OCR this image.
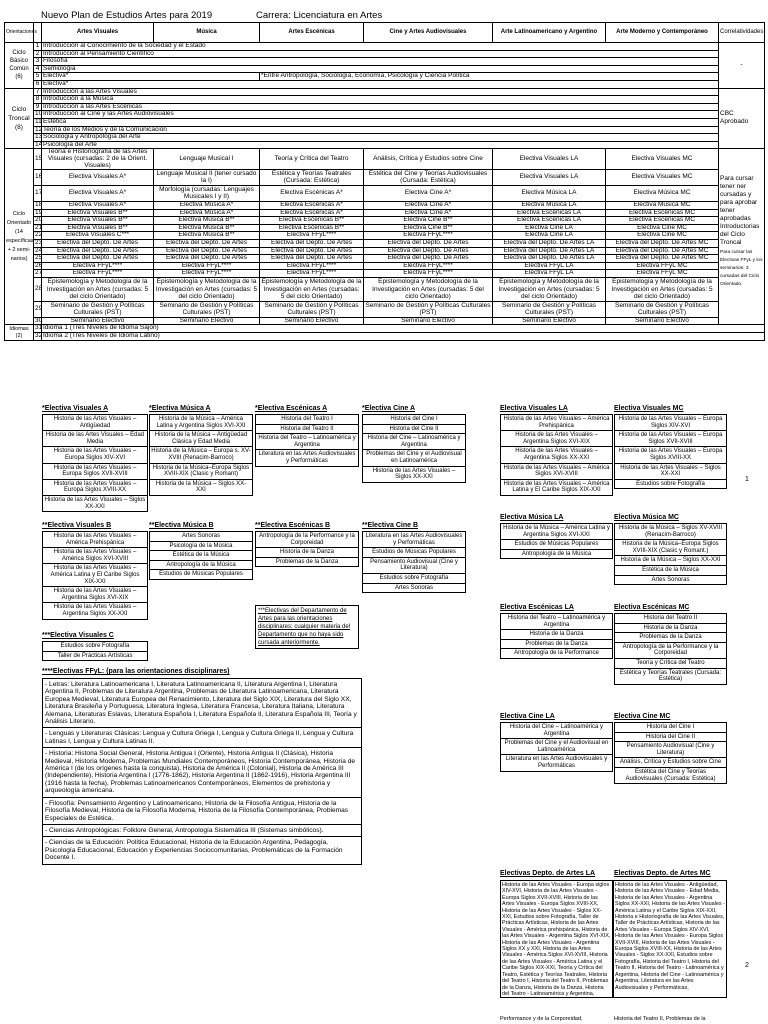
Nuevo Plan de Estudios Artes para 2019	Carrera: Licenciatura en Artes
Orientaciones		Artes Visuales	Música	Artes Escénicas	Cine y Artes Audiovisuales	Arte Latinoamericano y Argentino	Arte Moderno y Contemporáneo	Correlatividades
Ciclo Básico Común (6)	1	Introducción al Conocimiento de la Sociedad y el Estado						-
	2	Introducción al Pensamiento Científico						
	3	Filosofía						
	4	Semiología						
	5	Electiva*		*Entre Antropología, Sociología, Economía, Psicología y Ciencia Política				
	6	Electiva*						
Ciclo Troncal (8)	7	Introducción a las Artes Visuales						CBC Aprobado
	8	Introducción a la Música						
	9	Introducción a las Artes Escénicas						
	10	Introducción al Cine y las Artes Audiovisuales						
	11	Estética						
	12	Teoría de los Medios y de la Comunicación						
	13	Sociología y Antropología del Arte						
	14	Psicología del Arte						
Ciclo Orientado (14 específicas + 2 semi-narios)	15	Teoría e Historiografía de las Artes Visuales (cursadas: 2 de la Orient. Visuales)	Lenguaje Musical I	Teoría y Crítica del Teatro	Análisis, Crítica y Estudios sobre Cine	Electiva Visuales LA	Electiva Visuales MC	Para cursar tener ner cursadas y para aprobar tener aprobadas Introductorias del Ciclo Troncal
Para cursar las Electivas FFyL y los seminarios: 3 cursadas del Ciclo Orientado.

	16	Electiva Visuales A*	Lenguaje Musical II (tener cursado la I)	Estética y Teorías Teatrales (Cursada: Estética)	Estética del Cine y Teorías Audiovisuales (Cursada: Estética)	Electiva Visuales LA	Electiva Visuales MC	
	17	Electiva Visuales A*	Morfología (cursadas: Lenguajes Musicales I y II)	Electiva Escénicas A*	Electiva Cine A*	Electiva Música LA	Electiva Música MC	
	18	Electiva Visuales A*	Electiva Música A*	Electiva Escénicas A*	Electiva Cine A*	Electiva Música LA	Electiva Música MC	
	19	Electiva Visuales B**	Electiva Música A*	Electiva Escénicas A*	Electiva Cine A*	Electiva Escénicas LA	Electiva Escénicas MC	
	20	Electiva Visuales B**	Electiva Música B**	Electiva Escénicas B**	Electiva Cine B**	Electiva Escénicas LA	Electiva Escénicas MC	
	21	Electiva Visuales B**	Electiva Música B**	Electiva Escénicas B**	Electiva Cine B**	Electiva Cine LA	Electiva Cine MC	
	22	Electiva Visuales C***	Electiva Música B**	Electiva FFyL****	Electiva FFyL****	Electiva Cine LA	Electiva Cine MC	
	23	Electiva del Depto. De Artes	Electiva del Depto. De Artes	Electiva del Depto. De Artes	Electiva del Depto. De Artes	Electiva del Depto. De Artes LA	Electiva del Depto. De Artes MC	
	24	Electiva del Depto. De Artes	Electiva del Depto. De Artes	Electiva del Depto. De Artes	Electiva del Depto. De Artes	Electiva del Depto. De Artes LA	Electiva del Depto. De Artes MC	
	25	Electiva del Depto. De Artes	Electiva del Depto. De Artes	Electiva del Depto. De Artes	Electiva del Depto. De Artes	Electiva del Depto. De Artes LA	Electiva del Depto. De Artes MC	
	26	Electiva FFyL****	Electiva FFyL****	Electiva FFyL****	Electiva FFyL****	Electiva FFyL LA	Electiva FFyL MC	
	27	Electiva FFyL****	Electiva FFyL****	Electiva FFyL****	Electiva FFyL****	Electiva FFyL LA	Electiva FFyL MC	
	28	Epistemología y Metodología de la Investigación en Artes (cursadas: 5 del ciclo Orientado)	Epistemología y Metodología de la Investigación en Artes (cursadas: 5 del ciclo Orientado)	Epistemología y Metodología de la Investigación en Artes (cursadas: 5 del ciclo Orientado)	Epistemología y Metodología de la Investigación en Artes (cursadas: 5 del ciclo Orientado)	Epistemología y Metodología de la Investigación en Artes (cursadas: 5 del ciclo Orientado)	Epistemología y Metodología de la Investigación en Artes (cursadas: 5 del ciclo Orientado)	
	29	Seminario de Gestión y Políticas Culturales (PST)	Seminario de Gestión y Políticas Culturales (PST)	Seminario de Gestión y Políticas Culturales (PST)	Seminario de Gestión y Políticas Culturales (PST)	Seminario de Gestión y Políticas Culturales (PST)	Seminario de Gestión y Políticas Culturales (PST)	
	30	Seminario Electivo	Seminario Electivo	Seminario Electivo	Seminario Electivo	Seminario Electivo	Seminario Electivo	
Idiomas (2)	31	Idioma 1 (Tres Niveles de Idioma Sajón)						
	32	Idioma 2 (Tres Niveles de Idioma Latino)						
*Electiva Visuales A
Historia de las Artes Visuales – Antigüedad
Historia de las Artes Visuales – Edad Media
Historia de las Artes Visuales – Europa Siglos XIV-XVI
Historia de las Artes Visuales – Europa Siglos XVII-XVIII
Historia de las Artes Visuales – Europa Siglos XVIII-XX
Historia de las Artes Visuales – Siglos XX-XXI
*Electiva Música A
Historia de la Música – América Latina y Argentina Siglos XVI-XXI
Historia de la Música – Antigüedad Clásica y Edad Media
Historia de la Música – Europa s. XV-XVIII (Renacim-Barroco)
Historia de la Música–Europa Siglos XVIII-XIX (Clasic y Romant)
Historia de la Música – Siglos XX-XXI
*Electiva Escénicas A
Historia del Teatro I
Historia del Teatro II
Historia del Teatro – Latinoamérica y Argentina
Literatura en las Artes Audiovisuales y Performáticas
*Electiva Cine A
Historia del Cine I
Historia del Cine II
Historia del Cine – Latinoamérica y Argentina
Problemas del Cine y el Audiovisual en Latinoamérica
Historia de las Artes Visuales – Siglos XX-XXI
Electiva Visuales LA
Historia de las Artes Visuales – América Prehispánica
Historia de las Artes Visuales – Argentina Siglos XVI-XIX
Historia de las Artes Visuales – Argentina Siglos XX-XXI
Historia de las Artes Visuales – América Siglos XVI-XVIII
Historia de las Artes Visuales – América Latina y El Caribe Siglos XIX-XXI
Electiva Visuales MC
Historia de las Artes Visuales – Europa Siglos XIV-XVI
Historia de las Artes Visuales – Europa Siglos XVII-XVIII
Historia de las Artes Visuales – Europa Siglos XVIII-XX
Historia de las Artes Visuales – Siglos XX-XXI
Estudios sobre Fotografía
1
**Electiva Visuales B
Historia de las Artes Visuales – América Prehispánica
Historia de las Artes Visuales – América Siglos XVI-XVIII
Historia de las Artes Visuales – América Latina y El Caribe Siglos XIX-XXI
Historia de las Artes Visuales – Argentina Siglos XVI-XIX
Historia de las Artes Visuales – Argentina Siglos XX-XXI
**Electiva Música B
Artes Sonoras
Psicología de la Música
Estética de la Música
Antropología de la Música
Estudios de Músicas Populares
**Electiva Escénicas B
Antropología de la Performance y la Corporeidad
Historia de la Danza
Problemas de la Danza
**Electiva Cine B
Literatura en las Artes Audiovisuales y Performáticas
Estudios de Músicas Populares
Pensamiento Audiovisual (Cine y Literatura)
Estudios sobre Fotografía
Artes Sonoras
Electiva Música LA
Historia de la Música – América Latina y Argentina Siglos XVI-XXI
Estudios de Músicas Populares
Antropología de la Música
Electiva Música MC
Historia de la Música – Siglos XV-XVIII (Renacim-Barroco)
Historia de la Música–Europa Siglos XVIII-XIX (Clasic y Romant.)
Historia de la Música – Siglos XX-XXI
Estética de la Música
Artes Sonoras
***Electiva Visuales C
Estudios sobre Fotografía
Taller de Prácticas Artísticas
Electiva Escénicas LA
Historia del Teatro – Latinoamérica y Argentina
Historia de la Danza
Problemas de la Danza
Antropología de la Performance
Electiva Escénicas MC
Historia del Teatro II
Historia de la Danza
Problemas de la Danza
Antropología de la Performance y la Corporeidad
Teoría y Crítica del Teatro
Estética y Teorías Teatrales (Cursada: Estética)
***Electivas del Departamento de Artes para las orientaciones disciplinares: cualquier materia del Departamento que no haya sido cursada anteriormente.
****Electivas FFyL: (para las orientaciones disciplinares)
- Letras: Literatura Latinoamericana I, Literatura Latinoamericana II, Literatura Argentina I, Literatura Argentina II, Problemas de Literatura Argentina, Problemas de Literatura Latinoamericana, Literatura Europea Medieval, Literatura Europea del Renacimiento, Literatura del Siglo XIX, Literatura del Siglo XX, Literatura Brasileña y Portuguesa, Literatura Inglesa, Literatura Francesa, Literatura Italiana, Literatura Alemana, Literaturas Eslavas, Literatura Española I, Literatura Española II, Literatura Española III, Teoría y Análisis Literario.
- Lenguas y Literaturas Clásicas: Lengua y Cultura Griega I, Lengua y Cultura Griega II, Lengua y Cultura Latinas I, Lengua y Cultura Latinas II.
- Historia: Historia Social General, Historia Antigua I (Oriente), Historia Antigua II (Clásica), Historia Medieval, Historia Moderna, Problemas Mundiales Contemporáneos, Historia Contemporánea, Historia de América I (de los orígenes hasta la conquista), Historia de América II (Colonial), Historia de América III (Independiente), Historia Argentina I (1776-1862), Historia Argentina II (1862-1916), Historia Argentina III (1916 hasta la fecha), Problemas Latinoamericanos Contemporáneos, Elementos de prehistoria y arqueología americana.
- Filosofía: Pensamiento Argentino y Latinoamericano, Historia de la Filosofía Antigua, Historia de la Filosofía Medieval, Historia de la Filosofía Moderna, Historia de la Filosofía Contemporánea, Problemas Especiales de Estética.
- Ciencias Antropológicas: Folklore General, Antropología Sistemática III (Sistemas simbólicos).
- Ciencias de la Educación: Política Educacional, Historia de la Educación Argentina, Pedagogía, Psicología Educacional, Educación y Experiencias Sociocomunitarias, Problemáticas de la Formación Docente I.
Electiva Cine LA
Historia del Cine – Latinoamérica y Argentina
Problemas del Cine y el Audiovisual en Latinoamérica
Literatura en las Artes Audiovisuales y Performáticas
Electiva Cine MC
Historia del Cine I
Historia del Cine II
Pensamiento Audiovisual (Cine y Literatura)
Análisis, Crítica y Estudios sobre Cine
Estética del Cine y Teorías Audiovisuales (Cursada: Estética)
Electivas Depto. de Artes LA	Electivas Depto. de Artes MC
Historia de las Artes Visuales - Europa siglos XIV-XVI, Historia de las Artes Visuales - Europa Siglos XVII-XVIII, Historia de las Artes Visuales - Europa Siglos XVIII-XX, Historia de las Artes Visuales - Siglos XX-XXI, Estudios sobre Fotografía, Taller de Prácticas Artísticas, Historia de las Artes Visuales - América prehispánica, Historia de las Artes Visuales - Argentina Siglos XVI-XIX, Historia de las Artes Visuales - Argentina Siglos XX y XXI, Historia de las Artes Visuales - América Siglos XVI-XVIII, Historia de las Artes Visuales - América Latina y el Caribe Siglos XIX-XXI, Teoría y Crítica del Teatro, Estética y Teorías Teatrales, Historia del Teatro I, Historia del Teatro II, Problemas de la Danza, Historia de la Danza, Historia del Teatro - Latinoamérica y Argentina,
Historia de las Artes Visuales - Antigüedad, Historia de las Artes Visuales - Edad Media, Historia de las Artes Visuales - Argentina Siglos XX-XXI, Historia de las Artes Visuales - América Latina y el Caribe Siglos XIX-XXI, Historia e Historiografía de las Artes Visuales, Taller de Prácticas Artísticas, Historia de las Artes Visuales - Europa Siglos XIV-XVI, Historia de las Artes Visuales - Europa Siglos XVII-XVIII, Historia de las Artes Visuales - Europa Siglos XVIII-XX, Historia de las Artes Visuales - Siglos XX-XXI, Estudios sobre Fotografía, Historia del Teatro I, Historia del Teatro II, Historia del Teatro - Latinoamérica y Argentina, Historia del Cine - Latinoamérica y Argentina, Literatura en las Artes Audiovisuales y Performáticas,
2
Performance y de la Corporeidad,	Historia del Teatro II, Problemas de la
